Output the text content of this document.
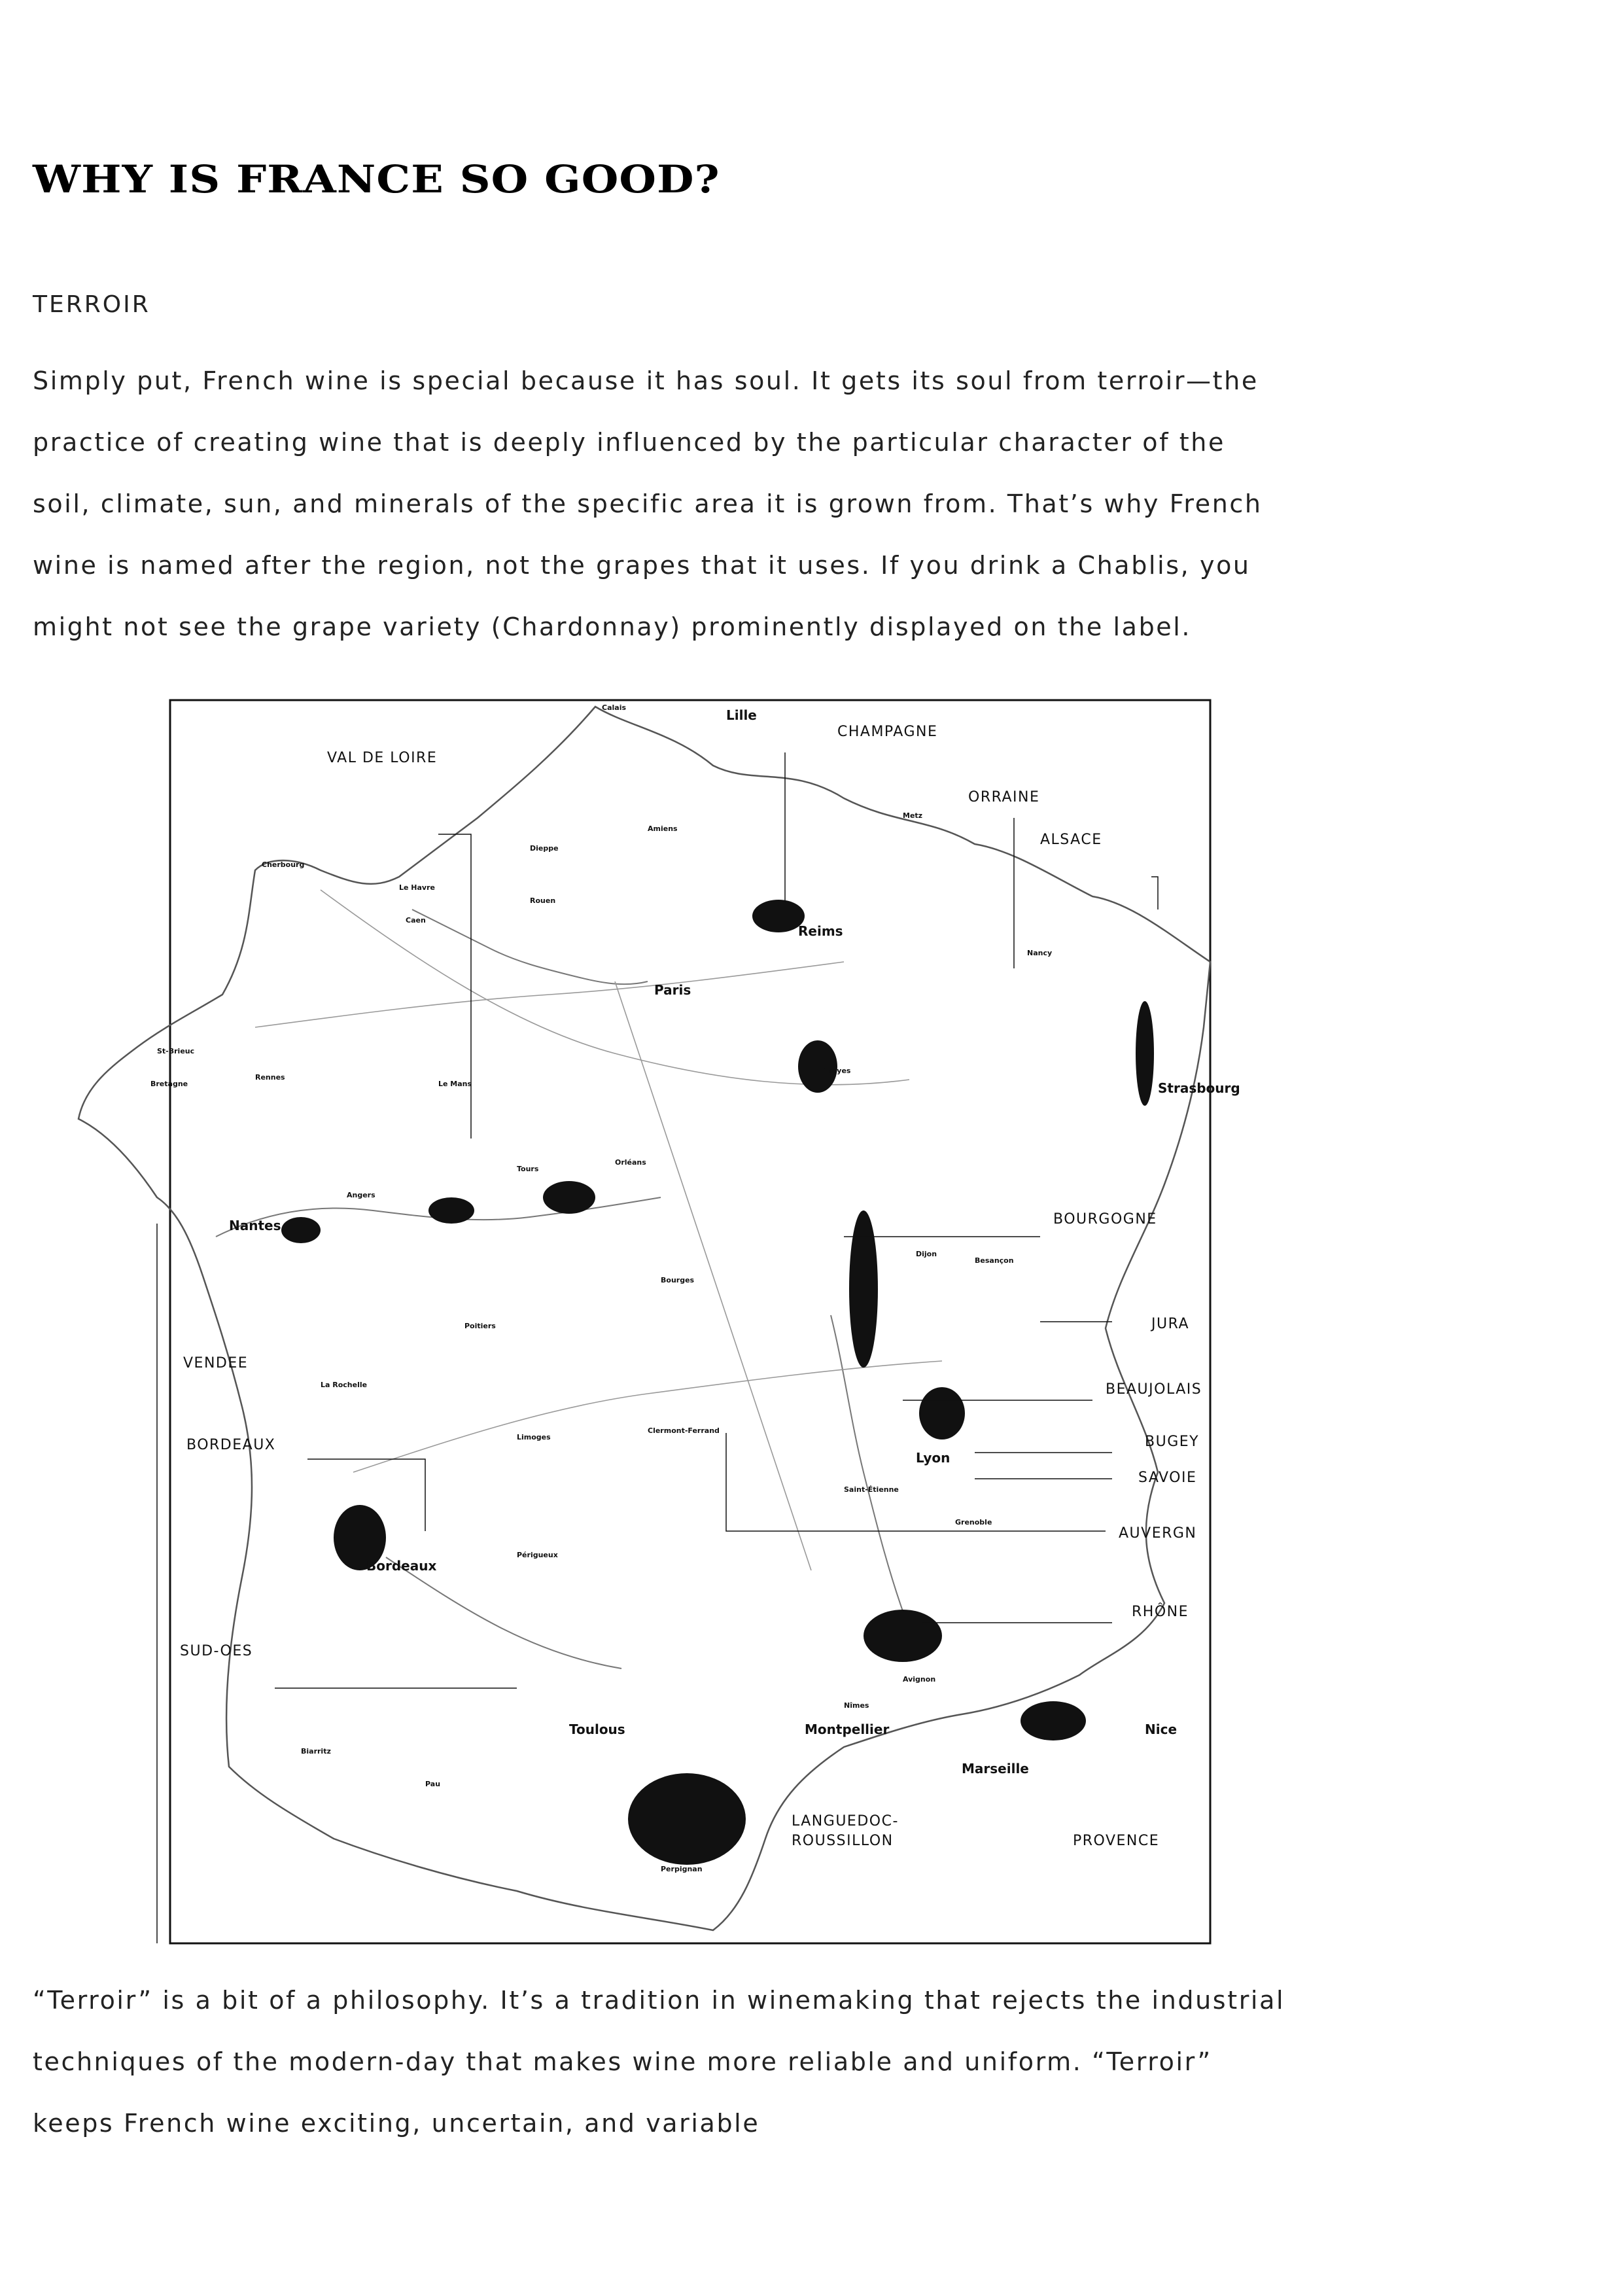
WHY IS FRANCE SO GOOD?
TERROIR

Simply put, French wine is special because it has soul. It gets its soul from terroir—the practice of creating wine that is deeply influenced by the particular character of the soil, climate, sun, and minerals of the specific area it is grown from. That’s why French wine is named after the region, not the grapes that it uses. If you drink a Chablis, you might not see the grape variety (Chardonnay) prominently displayed on the label.

VAL DE LOIRE
CHAMPAGNE
ORRAINE
ALSACE
BOURGOGNE
JURA
BEAUJOLAIS
BUGEY
SAVOIE
AUVERGN
RHÔNE
BORDEAUX
SUD-OES
VENDEE
LANGUEDOC-
ROUSSILLON	PROVENCE
Lille
Reims
Paris
Strasbourg
Nantes
Lyon
Bordeaux
Toulous	Montpellier
Marseille
Nice
Calais
Cherbourg
Le Havre
Caen
Rouen
Amiens
Dieppe
St-Brieuc
Rennes
Le Mans
Bretagne
Metz
Nancy
Troyes
Dijon
Besançon
Tours
Orléans
Angers
Bourges
Poitiers
Limoges
Clermont-Ferrand
Grenoble
Saint-Étienne
Périgueux
Pau
Biarritz
Perpignan
Nîmes
Avignon
La Rochelle

“Terroir” is a bit of a philosophy. It’s a tradition in winemaking that rejects the industrial techniques of the modern-day that makes wine more reliable and uniform. “Terroir” keeps French wine exciting, uncertain, and variable
